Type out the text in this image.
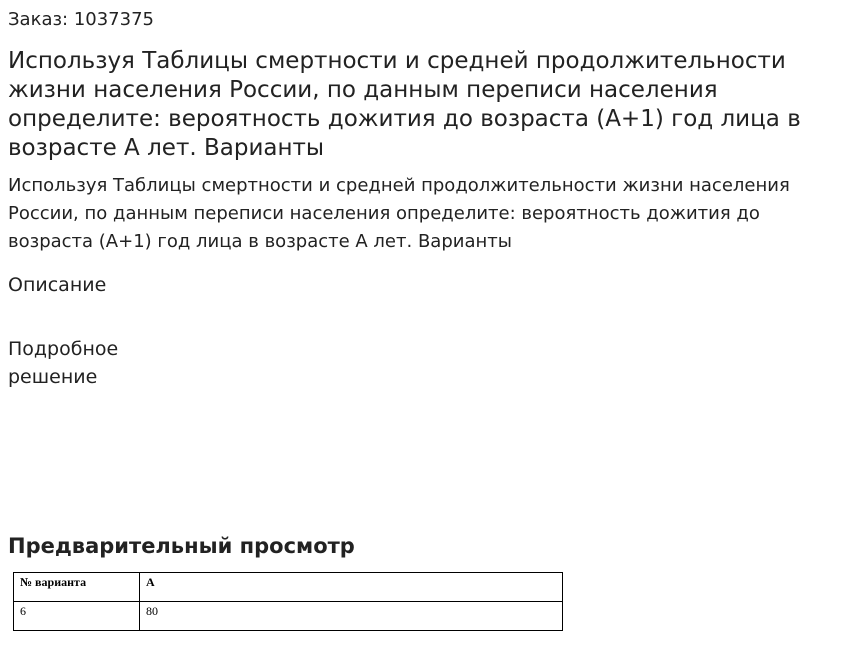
Заказ: 1037375
Используя Таблицы смертности и средней продолжительности жизни населения России, по данным переписи населения определите: вероятность дожития до возраста (А+1) год лица в возрасте А лет. Варианты

Используя Таблицы смертности и средней продолжительности жизни населения России, по данным переписи населения определите: вероятность дожития до возраста (А+1) год лица в возрасте А лет. Варианты

Описание
Подробное решение
Предварительный просмотр
№ варианта	А
6	80
